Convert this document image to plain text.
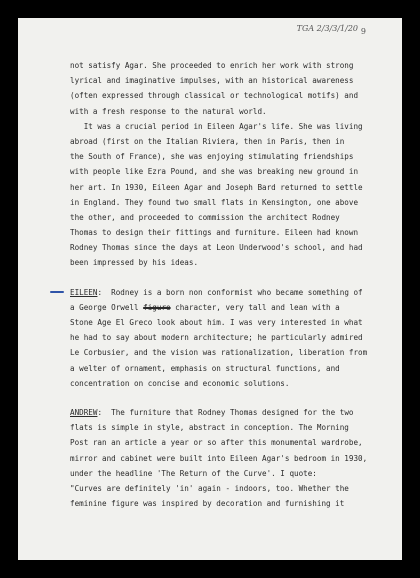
TGA 2/3/3/1/20 9
not satisfy Agar. She proceeded to enrich her work with strong
lyrical and imaginative impulses, with an historical awareness
(often expressed through classical or technological motifs) and
with a fresh response to the natural world.
It was a crucial period in Eileen Agar's life. She was living
abroad (first on the Italian Riviera, then in Paris, then in
the South of France), she was enjoying stimulating friendships
with people like Ezra Pound, and she was breaking new ground in
her art. In 1930, Eileen Agar and Joseph Bard returned to settle
in England. They found two small flats in Kensington, one above
the other, and proceeded to commission the architect Rodney
Thomas to design their fittings and furniture. Eileen had known
Rodney Thomas since the days at Leon Underwood's school, and had
been impressed by his ideas.
EILEEN:  Rodney is a born non conformist who became something of
a George Orwell figure character, very tall and lean with a
Stone Age El Greco look about him. I was very interested in what
he had to say about modern architecture; he particularly admired
Le Corbusier, and the vision was rationalization, liberation from
a welter of ornament, emphasis on structural functions, and
concentration on concise and economic solutions.
ANDREW:  The furniture that Rodney Thomas designed for the two
flats is simple in style, abstract in conception. The Morning
Post ran an article a year or so after this monumental wardrobe,
mirror and cabinet were built into Eileen Agar's bedroom in 1930,
under the headline 'The Return of the Curve'. I quote:
"Curves are definitely 'in' again - indoors, too. Whether the
feminine figure was inspired by decoration and furnishing it
